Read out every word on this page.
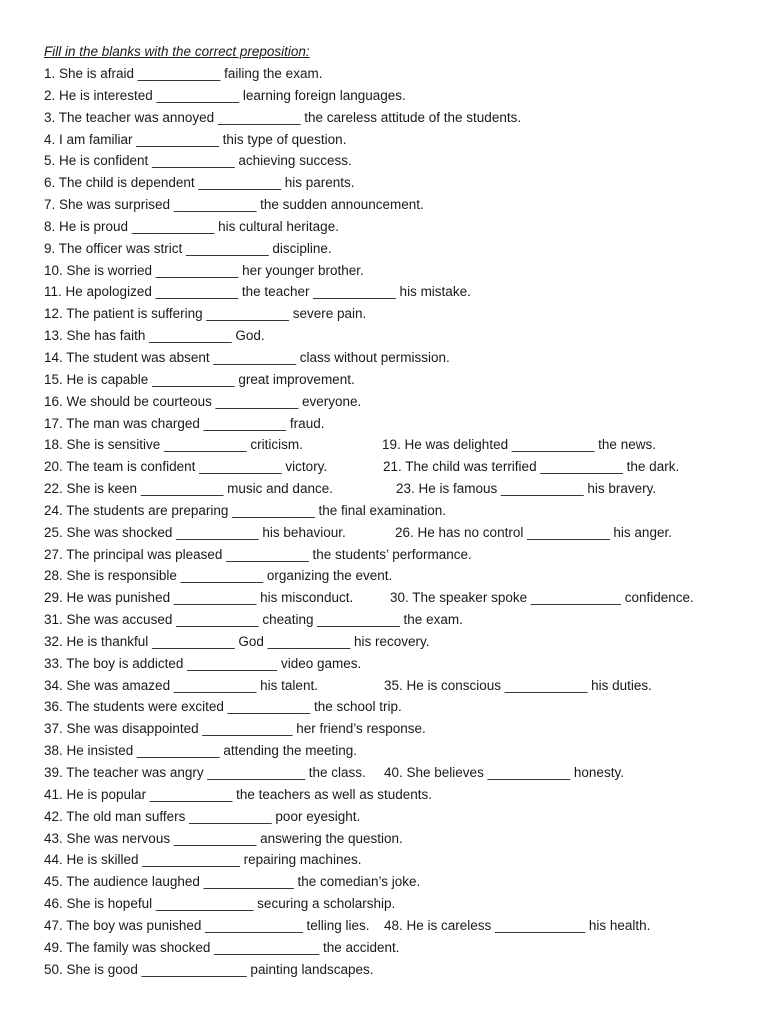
Fill in the blanks with the correct preposition:
1. She is afraid ___________ failing the exam.
2. He is interested ___________ learning foreign languages.
3. The teacher was annoyed ___________ the careless attitude of the students.
4. I am familiar ___________ this type of question.
5. He is confident ___________ achieving success.
6. The child is dependent ___________ his parents.
7. She was surprised ___________ the sudden announcement.
8. He is proud ___________ his cultural heritage.
9. The officer was strict ___________ discipline.
10. She is worried ___________ her younger brother.
11. He apologized ___________ the teacher ___________ his mistake.
12. The patient is suffering ___________ severe pain.
13. She has faith ___________ God.
14. The student was absent ___________ class without permission.
15. He is capable ___________ great improvement.
16. We should be courteous ___________ everyone.
17. The man was charged ___________ fraud.
18. She is sensitive ___________ criticism.	19. He was delighted ___________ the news.
20. The team is confident ___________ victory.	21. The child was terrified ___________ the dark.
22. She is keen ___________ music and dance.	23. He is famous ___________ his bravery.
24. The students are preparing ___________ the final examination.
25. She was shocked ___________ his behaviour.	26. He has no control ___________ his anger.
27. The principal was pleased ___________ the students’ performance.
28. She is responsible ___________ organizing the event.
29. He was punished ___________ his misconduct.	30. The speaker spoke ____________ confidence.
31. She was accused ___________ cheating ___________ the exam.
32. He is thankful ___________ God ___________ his recovery.
33. The boy is addicted ____________ video games.
34. She was amazed ___________ his talent.	35. He is conscious ___________ his duties.
36. The students were excited ___________ the school trip.
37. She was disappointed ____________ her friend’s response.
38. He insisted ___________ attending the meeting.
39. The teacher was angry _____________ the class. 40. She believes ___________ honesty.
41. He is popular ___________ the teachers as well as students.
42. The old man suffers ___________ poor eyesight.
43. She was nervous ___________ answering the question.
44. He is skilled _____________ repairing machines.
45. The audience laughed ____________ the comedian’s joke.
46. She is hopeful _____________ securing a scholarship.
47. The boy was punished _____________ telling lies. 48. He is careless ____________ his health.
49. The family was shocked ______________ the accident.
50. She is good ______________ painting landscapes.
